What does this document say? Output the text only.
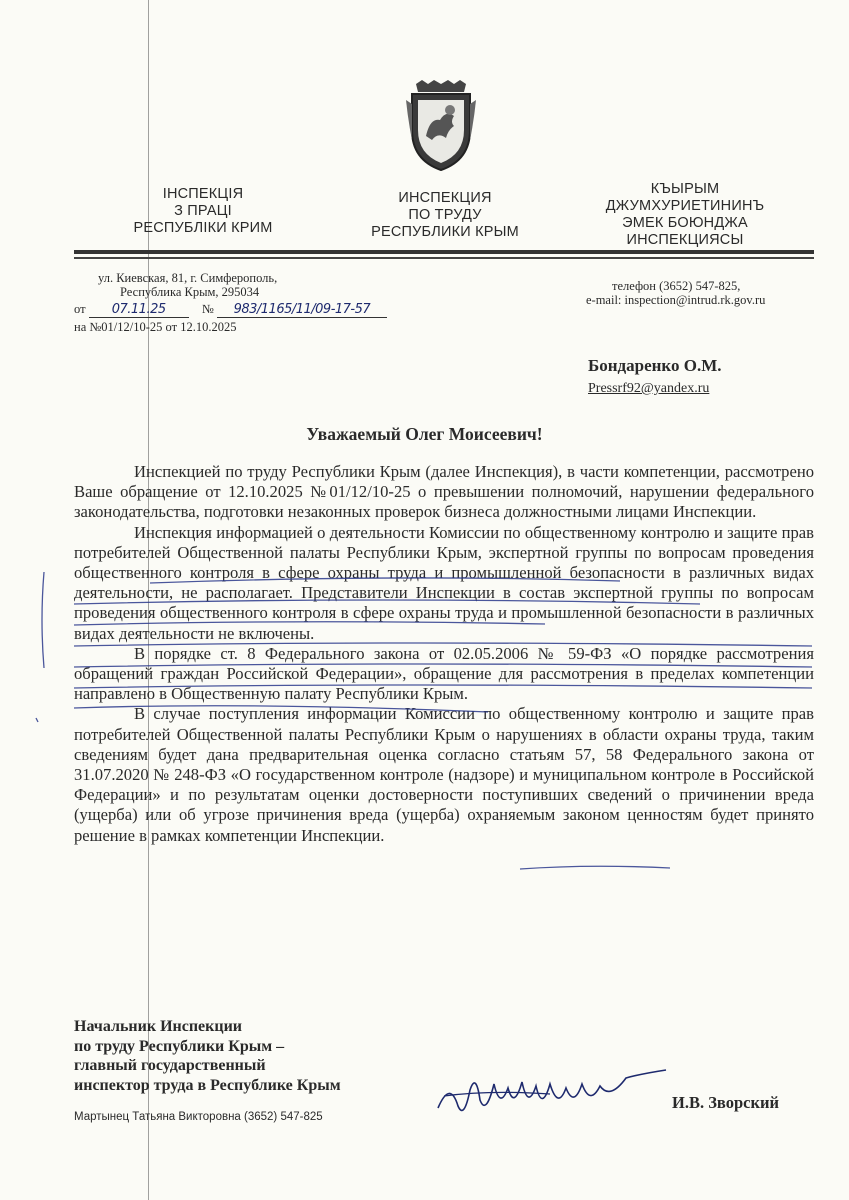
ІНСПЕКЦІЯ
З ПРАЦІ
РЕСПУБЛІКИ КРИМ
ИНСПЕКЦИЯ
ПО ТРУДУ
РЕСПУБЛИКИ КРЫМ
КЪЫРЫМ
ДЖУМХУРИЕТИНИНЪ
ЭМЕК БОЮНДЖА
ИНСПЕКЦИЯСЫ
ул. Киевская, 81, г. Симферополь,
Республика Крым, 295034	телефон (3652) 547-825,
e-mail: inspection@intrud.rk.gov.ru
от 07.11.25	№ 983/1165/11/09-17-57
на №01/12/10-25 от 12.10.2025
Бондаренко О.М.
Pressrf92@yandex.ru
Уважаемый Олег Моисеевич!

Инспекцией по труду Республики Крым (далее Инспекция), в части компетенции, рассмотрено Ваше обращение от 12.10.2025 №01/12/10-25 о превышении полномочий, нарушении федерального законодательства, подготовки незаконных проверок бизнеса должностными лицами Инспекции.

Инспекция информацией о деятельности Комиссии по общественному контролю и защите прав потребителей Общественной палаты Республики Крым, экспертной группы по вопросам проведения общественного контроля в сфере охраны труда и промышленной безопасности в различных видах деятельности, не располагает. Представители Инспекции в состав экспертной группы по вопросам проведения общественного контроля в сфере охраны труда и промышленной безопасности в различных видах деятельности не включены.

В порядке ст. 8 Федерального закона от 02.05.2006 № 59-ФЗ «О порядке рассмотрения обращений граждан Российской Федерации», обращение для рассмотрения в пределах компетенции направлено в Общественную палату Республики Крым.

В случае поступления информации Комиссии по общественному контролю и защите прав потребителей Общественной палаты Республики Крым о нарушениях в области охраны труда, таким сведениям будет дана предварительная оценка согласно статьям 57, 58 Федерального закона от 31.07.2020 № 248-ФЗ «О государственном контроле (надзоре) и муниципальном контроле в Российской Федерации» и по результатам оценки достоверности поступивших сведений о причинении вреда (ущерба) или об угрозе причинения вреда (ущерба) охраняемым законом ценностям будет принято решение в рамках компетенции Инспекции.

Начальник Инспекции
по труду Республики Крым –
главный государственный
инспектор труда в Республике Крым
И.В. Зворский
Мартынец Татьяна Викторовна (3652) 547-825
